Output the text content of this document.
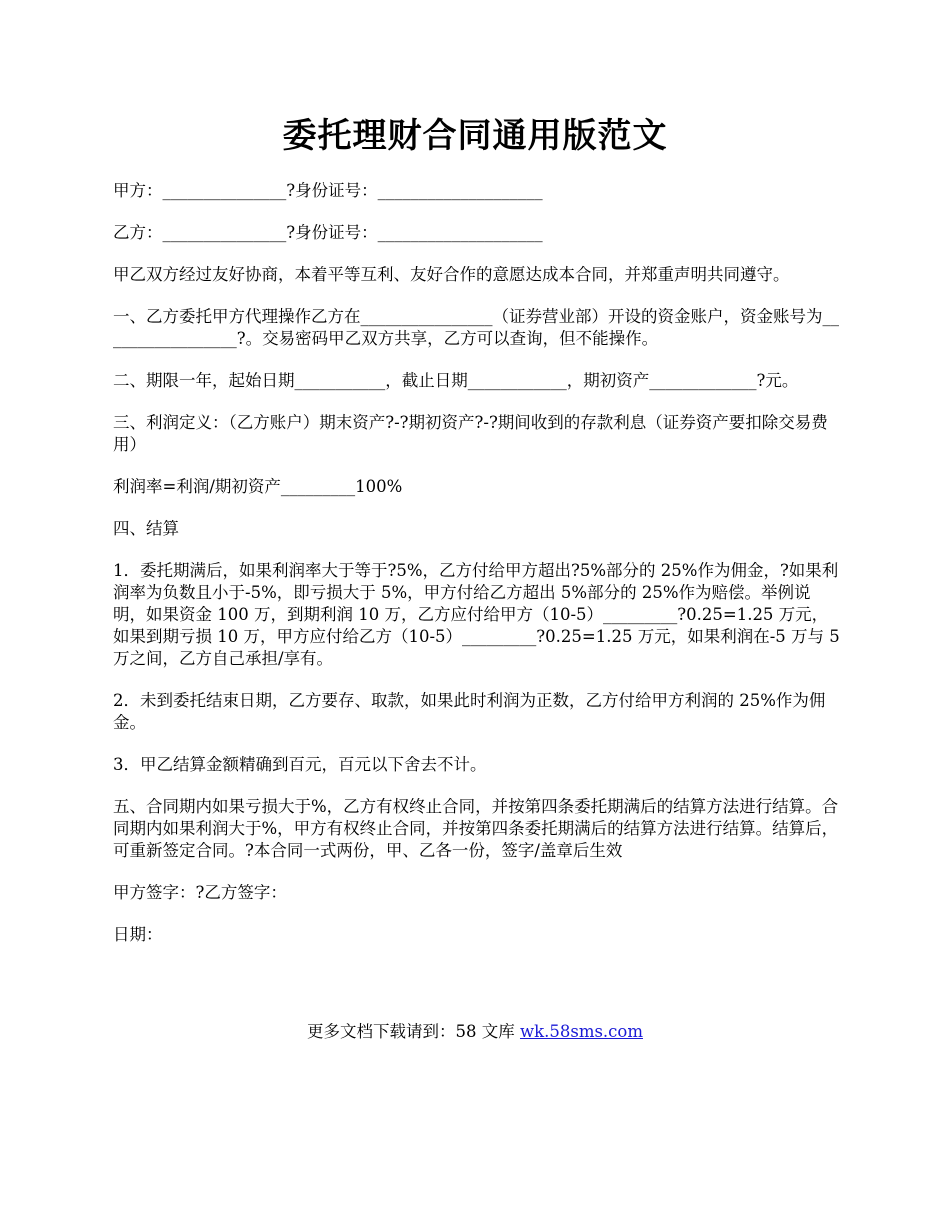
委托理财合同通用版范文

甲方：_______________?身份证号：____________________

乙方：_______________?身份证号：____________________

甲乙双方经过友好协商，本着平等互利、友好合作的意愿达成本合同，并郑重声明共同遵守。

一、乙方委托甲方代理操作乙方在________________（证券营业部）开设的资金账户，资金账号为_________________?。交易密码甲乙双方共享，乙方可以查询，但不能操作。

二、期限一年，起始日期___________，截止日期____________，期初资产_____________?元。

三、利润定义：（乙方账户）期末资产?-?期初资产?-?期间收到的存款利息（证券资产要扣除交易费用）

利润率=利润/期初资产_________100%

四、结算

1．委托期满后，如果利润率大于等于?5%，乙方付给甲方超出?5%部分的 25%作为佣金，?如果利润率为负数且小于-5%，即亏损大于 5%，甲方付给乙方超出 5%部分的 25%作为赔偿。举例说明，如果资金 100 万，到期利润 10 万，乙方应付给甲方（10-5）_________?0.25=1.25 万元，如果到期亏损 10 万，甲方应付给乙方（10-5）_________?0.25=1.25 万元，如果利润在-5 万与 5 万之间，乙方自己承担/享有。

2．未到委托结束日期，乙方要存、取款，如果此时利润为正数，乙方付给甲方利润的 25%作为佣金。

3．甲乙结算金额精确到百元，百元以下舍去不计。

五、合同期内如果亏损大于%，乙方有权终止合同，并按第四条委托期满后的结算方法进行结算。合同期内如果利润大于%，甲方有权终止合同，并按第四条委托期满后的结算方法进行结算。结算后，可重新签定合同。?本合同一式两份，甲、乙各一份，签字/盖章后生效

甲方签字：?乙方签字：

日期：

更多文档下载请到：58 文库 wk.58sms.com
